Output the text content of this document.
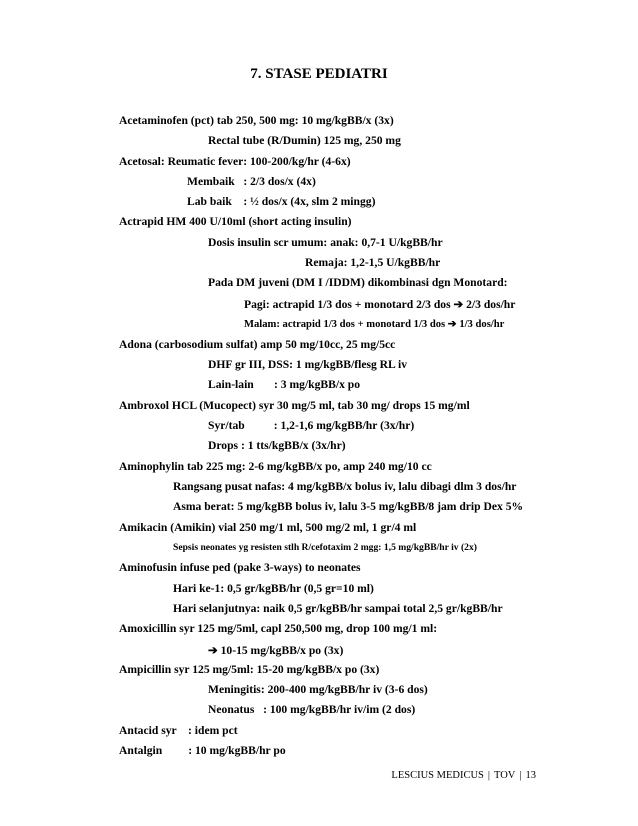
7. STASE PEDIATRI
Acetaminofen (pct) tab 250, 500 mg: 10 mg/kgBB/x (3x)
Rectal tube (R/Dumin) 125 mg, 250 mg
Acetosal: Reumatic fever: 100-200/kg/hr (4-6x)
Membaik   : 2/3 dos/x (4x)
Lab baik    : ½ dos/x (4x, slm 2 mingg)
Actrapid HM 400 U/10ml (short acting insulin)
Dosis insulin scr umum: anak: 0,7-1 U/kgBB/hr
Remaja: 1,2-1,5 U/kgBB/hr
Pada DM juveni (DM I /IDDM) dikombinasi dgn Monotard:
Pagi: actrapid 1/3 dos + monotard 2/3 dos ➔ 2/3 dos/hr
Malam: actrapid 1/3 dos + monotard 1/3 dos ➔ 1/3 dos/hr
Adona (carbosodium sulfat) amp 50 mg/10cc, 25 mg/5cc
DHF gr III, DSS: 1 mg/kgBB/flesg RL iv
Lain-lain       : 3 mg/kgBB/x po
Ambroxol HCL (Mucopect) syr 30 mg/5 ml, tab 30 mg/ drops 15 mg/ml
Syr/tab          : 1,2-1,6 mg/kgBB/hr (3x/hr)
Drops : 1 tts/kgBB/x (3x/hr)
Aminophylin tab 225 mg: 2-6 mg/kgBB/x po, amp 240 mg/10 cc
Rangsang pusat nafas: 4 mg/kgBB/x bolus iv, lalu dibagi dlm 3 dos/hr
Asma berat: 5 mg/kgBB bolus iv, lalu 3-5 mg/kgBB/8 jam drip Dex 5%
Amikacin (Amikin) vial 250 mg/1 ml, 500 mg/2 ml, 1 gr/4 ml
Sepsis neonates yg resisten stlh R/cefotaxim 2 mgg: 1,5 mg/kgBB/hr iv (2x)
Aminofusin infuse ped (pake 3-ways) to neonates
Hari ke-1: 0,5 gr/kgBB/hr (0,5 gr=10 ml)
Hari selanjutnya: naik 0,5 gr/kgBB/hr sampai total 2,5 gr/kgBB/hr
Amoxicillin syr 125 mg/5ml, capl 250,500 mg, drop 100 mg/1 ml:
➔ 10-15 mg/kgBB/x po (3x)
Ampicillin syr 125 mg/5ml: 15-20 mg/kgBB/x po (3x)
Meningitis: 200-400 mg/kgBB/hr iv (3-6 dos)
Neonatus   : 100 mg/kgBB/hr iv/im (2 dos)
Antacid syr    : idem pct
Antalgin         : 10 mg/kgBB/hr po
LESCIUS MEDICUS | TOV | 13
